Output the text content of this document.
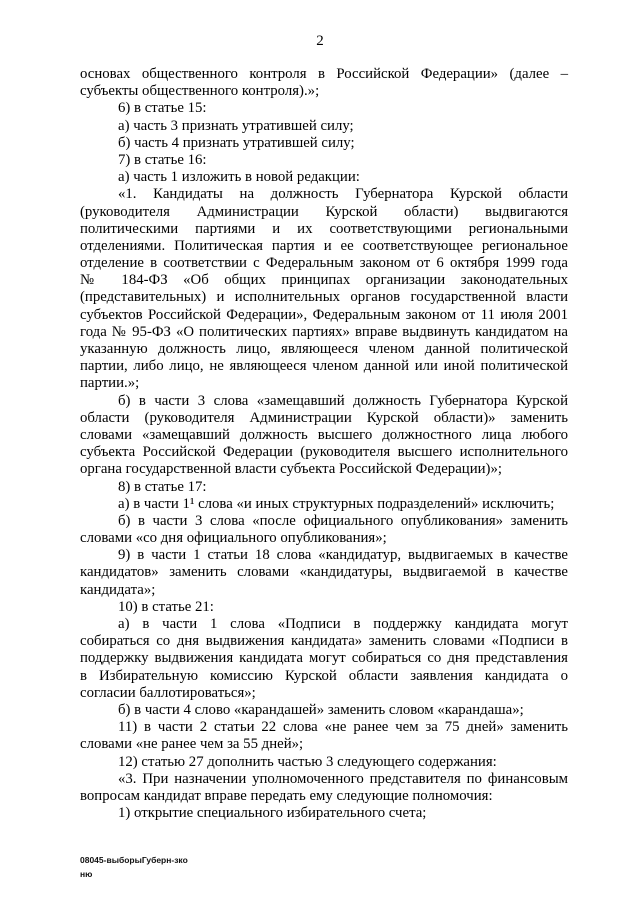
2
основах общественного контроля в Российской Федерации» (далее –
субъекты общественного контроля).»;
6) в статье 15:
а) часть 3 признать утратившей силу;
б) часть 4 признать утратившей силу;
7) в статье 16:
а) часть 1 изложить в новой редакции:
«1. Кандидаты на должность Губернатора Курской области
(руководителя Администрации Курской области) выдвигаются
политическими партиями и их соответствующими региональными
отделениями. Политическая партия и ее соответствующее региональное
отделение в соответствии с Федеральным законом от 6 октября 1999 года
№ 184-ФЗ «Об общих принципах организации законодательных
(представительных) и исполнительных органов государственной власти
субъектов Российской Федерации», Федеральным законом от 11 июля 2001
года № 95-ФЗ «О политических партиях» вправе выдвинуть кандидатом на
указанную должность лицо, являющееся членом данной политической
партии, либо лицо, не являющееся членом данной или иной политической
партии.»;
б) в части 3 слова «замещавший должность Губернатора Курской
области (руководителя Администрации Курской области)» заменить
словами «замещавший должность высшего должностного лица любого
субъекта Российской Федерации (руководителя высшего исполнительного
органа государственной власти субъекта Российской Федерации)»;
8) в статье 17:
а) в части 1¹ слова «и иных структурных подразделений» исключить;
б) в части 3 слова «после официального опубликования» заменить
словами «со дня официального опубликования»;
9) в части 1 статьи 18 слова «кандидатур, выдвигаемых в качестве
кандидатов» заменить словами «кандидатуры, выдвигаемой в качестве
кандидата»;
10) в статье 21:
а) в части 1 слова «Подписи в поддержку кандидата могут
собираться со дня выдвижения кандидата» заменить словами «Подписи в
поддержку выдвижения кандидата могут собираться со дня представления
в Избирательную комиссию Курской области заявления кандидата о
согласии баллотироваться»;
б) в части 4 слово «карандашей» заменить словом «карандаша»;
11) в части 2 статьи 22 слова «не ранее чем за 75 дней» заменить
словами «не ранее чем за 55 дней»;
12) статью 27 дополнить частью 3 следующего содержания:
«3. При назначении уполномоченного представителя по финансовым
вопросам кандидат вправе передать ему следующие полномочия:
1) открытие специального избирательного счета;
08045-выборыГуберн-зко
ню
